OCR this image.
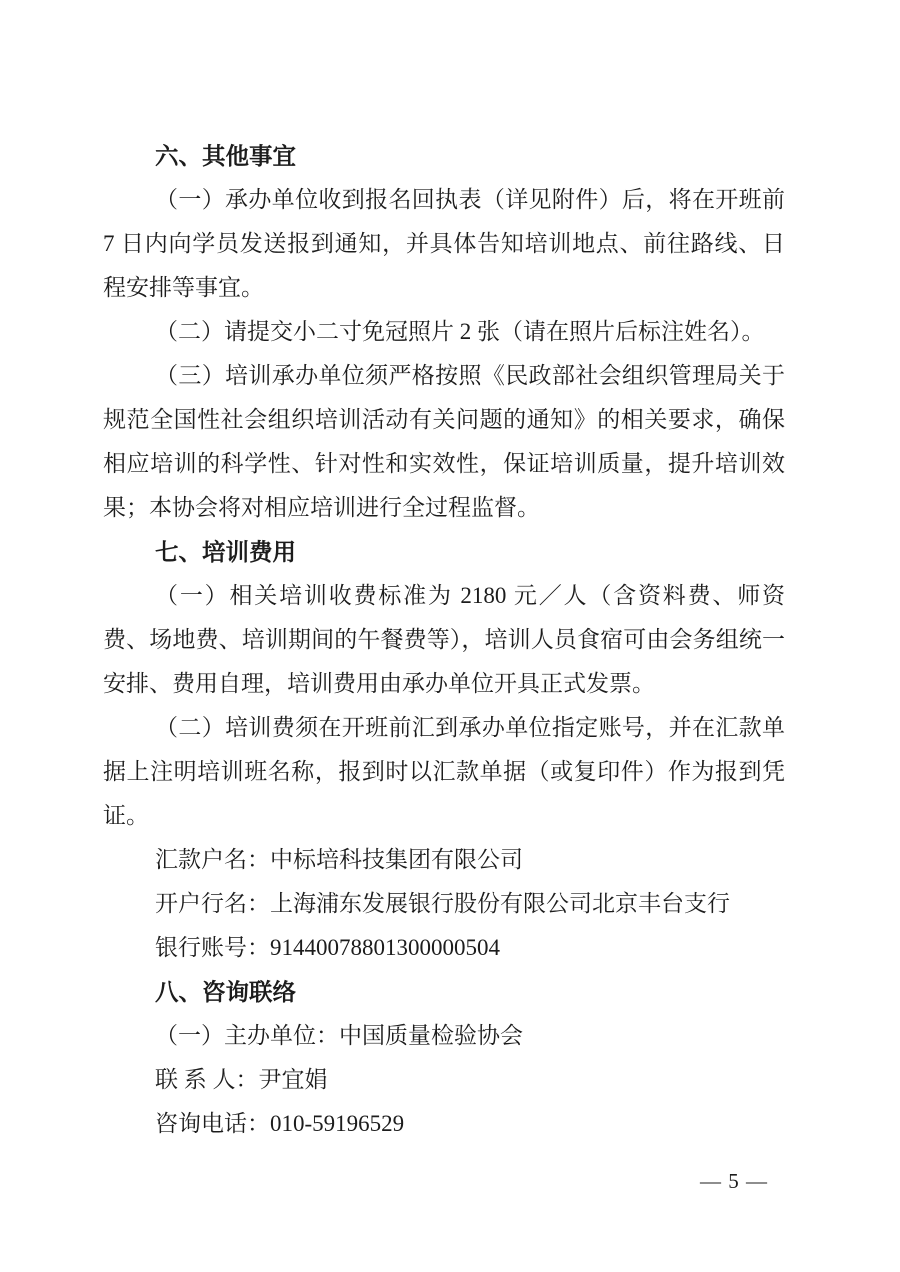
六、其他事宜

（一）承办单位收到报名回执表（详见附件）后，将在开班前 7 日内向学员发送报到通知，并具体告知培训地点、前往路线、日程安排等事宜。

（二）请提交小二寸免冠照片 2 张（请在照片后标注姓名）。

（三）培训承办单位须严格按照《民政部社会组织管理局关于规范全国性社会组织培训活动有关问题的通知》的相关要求，确保相应培训的科学性、针对性和实效性，保证培训质量，提升培训效果；本协会将对相应培训进行全过程监督。

七、培训费用

（一）相关培训收费标准为 2180 元／人（含资料费、师资费、场地费、培训期间的午餐费等），培训人员食宿可由会务组统一安排、费用自理，培训费用由承办单位开具正式发票。

（二）培训费须在开班前汇到承办单位指定账号，并在汇款单据上注明培训班名称，报到时以汇款单据（或复印件）作为报到凭证。

汇款户名：中标培科技集团有限公司

开户行名：上海浦东发展银行股份有限公司北京丰台支行

银行账号：91440078801300000504

八、咨询联络

（一）主办单位：中国质量检验协会

联 系 人：尹宜娟

咨询电话：010-59196529

— 5 —
